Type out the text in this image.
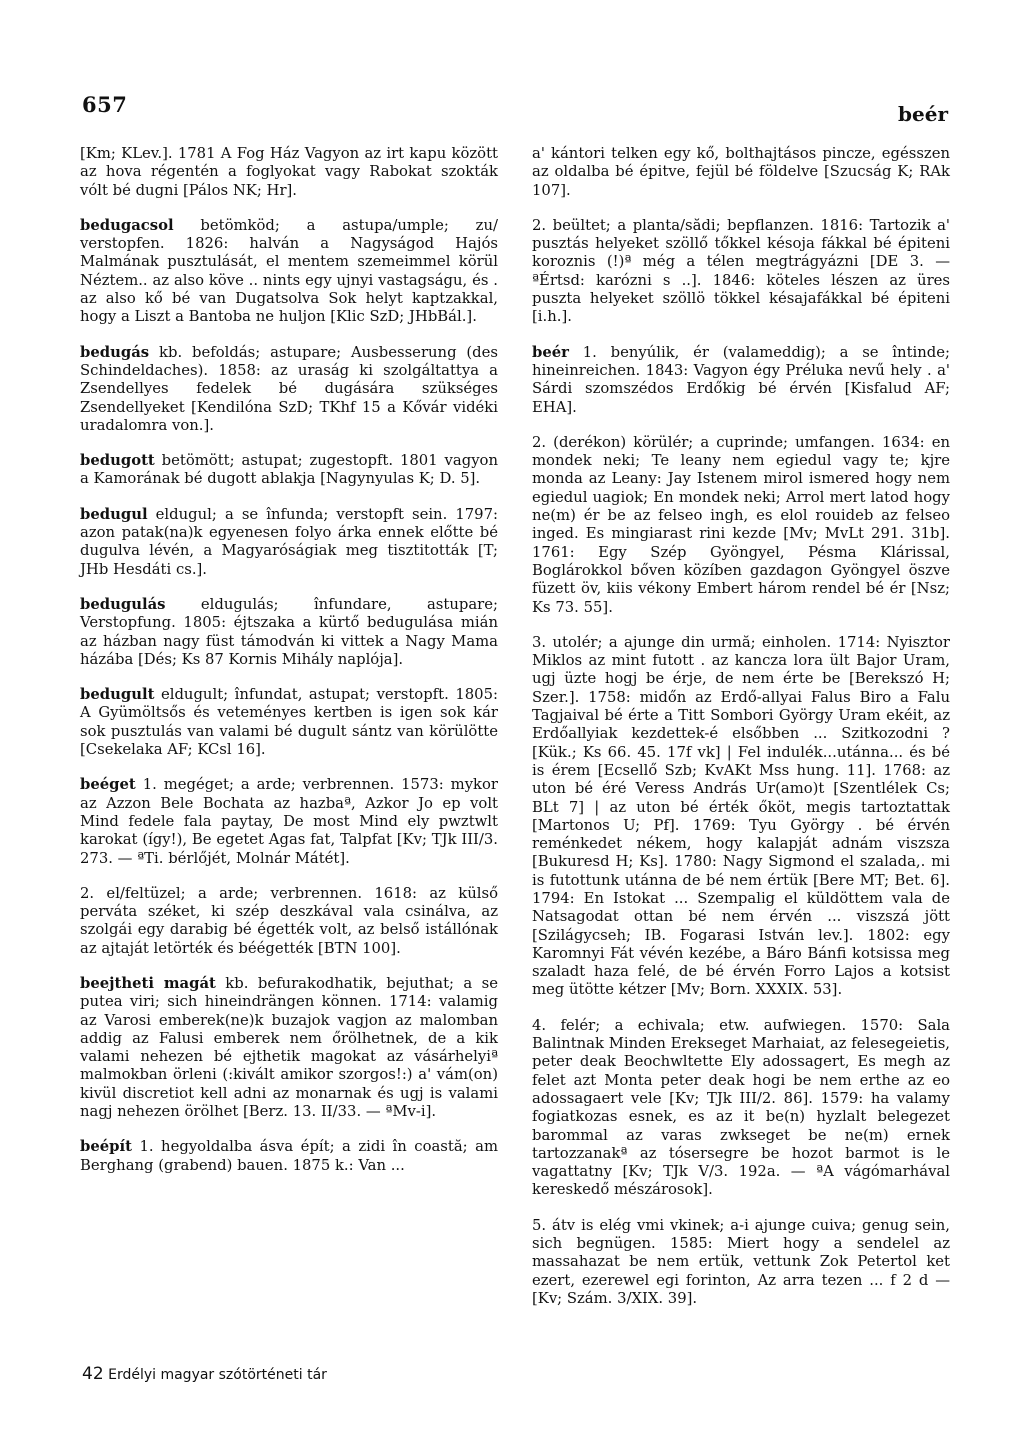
657	beér

[Km; KLev.]. 1781 A Fog Ház Vagyon az irt kapu között az hova régentén a foglyokat vagy Rabokat szokták vólt bé dugni [Pálos NK; Hr].

bedugacsol betömköd; a astupa/umple; zu/ verstopfen. 1826: halván a Nagyságod Hajós Malmának pusztulását, el mentem szemeimmel körül Néztem.. az also köve .. nints egy ujnyi vastagságu, és . az also kő bé van Dugatsolva Sok helyt kaptzakkal, hogy a Liszt a Bantoba ne huljon [Klic SzD; JHbBál.].

bedugás kb. befoldás; astupare; Ausbesserung (des Schindeldaches). 1858: az uraság ki szolgáltattya a Zsendellyes fedelek bé dugására szükséges Zsendellyeket [Kendilóna SzD; TKhf 15 a Kővár vidéki uradalomra von.].

bedugott betömött; astupat; zugestopft. 1801 vagyon a Kamorának bé dugott ablakja [Nagynyulas K; D. 5].

bedugul eldugul; a se înfunda; verstopft sein. 1797: azon patak(na)k egyenesen folyo árka ennek előtte bé dugulva lévén, a Magyaróságiak meg tisztitották [T; JHb Hesdáti cs.].

bedugulás eldugulás; înfundare, astupare; Verstopfung. 1805: éjtszaka a kürtő bedugulása mián az házban nagy füst támodván ki vittek a Nagy Mama házába [Dés; Ks 87 Kornis Mihály naplója].

bedugult eldugult; înfundat, astupat; verstopft. 1805: A Gyümöltsős és veteményes kertben is igen sok kár sok pusztulás van valami bé dugult sántz van körülötte [Csekelaka AF; KCsl 16].

beéget 1. megéget; a arde; verbrennen. 1573: mykor az Azzon Bele Bochata az hazbaª, Azkor Jo ep volt Mind fedele fala paytay, De most Mind ely pwztwlt karokat (így!), Be egetet Agas fat, Talpfat [Kv; TJk III/3. 273. — ªTi. bérlőjét, Molnár Mátét].

2. el/feltüzel; a arde; verbrennen. 1618: az külső perváta széket, ki szép deszkával vala csinálva, az szolgái egy darabig bé égették volt, az belső istállónak az ajtaját letörték és béégették [BTN 100].

beejtheti magát kb. befurakodhatik, bejuthat; a se putea viri; sich hineindrängen können. 1714: valamig az Varosi emberek(ne)k buzajok vagjon az malomban addig az Falusi emberek nem őrölhetnek, de a kik valami nehezen bé ejthetik magokat az vásárhelyiª malmokban örleni (:kivált amikor szorgos!:) a' vám(on) kivül discretiot kell adni az monarnak és ugj is valami nagj nehezen örölhet [Berz. 13. II/33. — ªMv-i].

beépít 1. hegyoldalba ásva épít; a zidi în coastă; am Berghang (grabend) bauen. 1875 k.: Van ...

a' kántori telken egy kő, bolthajtásos pincze, egésszen az oldalba bé épitve, fejül bé földelve [Szucság K; RAk 107].

2. beültet; a planta/sădi; bepflanzen. 1816: Tartozik a' pusztás helyeket szöllő tőkkel késoja fákkal bé épiteni koroznis (!)ª még a télen megtrágyázni [DE 3. — ªÉrtsd: karózni s ..]. 1846: köteles lészen az üres puszta helyeket szöllö tökkel késajafákkal bé épiteni [i.h.].

beér 1. benyúlik, ér (valameddig); a se întinde; hineinreichen. 1843: Vagyon égy Préluka nevű hely . a' Sárdi szomszédos Erdőkig bé érvén [Kisfalud AF; EHA].

2. (derékon) körülér; a cuprinde; umfangen. 1634: en mondek neki; Te leany nem egiedul vagy te; kjre monda az Leany: Jay Istenem mirol ismered hogy nem egiedul uagiok; En mondek neki; Arrol mert latod hogy ne(m) ér be az felseo ingh, es elol rouideb az felseo inged. Es mingiarast rini kezde [Mv; MvLt 291. 31b]. 1761: Egy Szép Gyöngyel, Pésma Klárissal, Boglárokkol bőven közíben gazdagon Gyöngyel öszve füzett öv, kiis vékony Embert három rendel bé ér [Nsz; Ks 73. 55].

3. utolér; a ajunge din urmă; einholen. 1714: Nyisztor Miklos az mint futott . az kancza lora ült Bajor Uram, ugj üzte hogj be érje, de nem érte be [Berekszó H; Szer.]. 1758: midőn az Erdő-allyai Falus Biro a Falu Tagjaival bé érte a Titt Sombori György Uram ekéit, az Erdőallyiak kezdettek-é elsőbben ... Szitkozodni ? [Kük.; Ks 66. 45. 17f vk] | Fel indulék...utánna... és bé is érem [Ecsellő Szb; KvAKt Mss hung. 11]. 1768: az uton bé éré Veress András Ur(amo)t [Szentlélek Cs; BLt 7] | az uton bé érték őköt, megis tartoztattak [Martonos U; Pf]. 1769: Tyu György . bé érvén reménkedet nékem, hogy kalapját adnám viszsza [Bukuresd H; Ks]. 1780: Nagy Sigmond el szalada,. mi is futottunk utánna de bé nem értük [Bere MT; Bet. 6]. 1794: En Istokat ... Szempalig el küldöttem vala de Natsagodat ottan bé nem érvén ... viszszá jött [Szilágycseh; IB. Fogarasi István lev.]. 1802: egy Karomnyi Fát vévén kezébe, a Báro Bánfi kotsissa meg szaladt haza felé, de bé érvén Forro Lajos a kotsist meg ütötte kétzer [Mv; Born. XXXIX. 53].

4. felér; a echivala; etw. aufwiegen. 1570: Sala Balintnak Minden Erekseget Marhaiat, az felesegeietis, peter deak Beochwltette Ely adossagert, Es megh az felet azt Monta peter deak hogi be nem erthe az eo adossagaert vele [Kv; TJk III/2. 86]. 1579: ha valamy fogiatkozas esnek, es az it be(n) hyzlalt belegezet barommal az varas zwkseget be ne(m) ernek tartozzanakª az tósersegre be hozot barmot is le vagattatny [Kv; TJk V/3. 192a. — ªA vágómarhával kereskedő mészárosok].

5. átv is elég vmi vkinek; a-i ajunge cuiva; genug sein, sich begnügen. 1585: Miert hogy a sendelel az massahazat be nem ertük, vettunk Zok Petertol ket ezert, ezerewel egi forinton, Az arra tezen ... f 2 d — [Kv; Szám. 3/XIX. 39].

42 Erdélyi magyar szótörténeti tár
